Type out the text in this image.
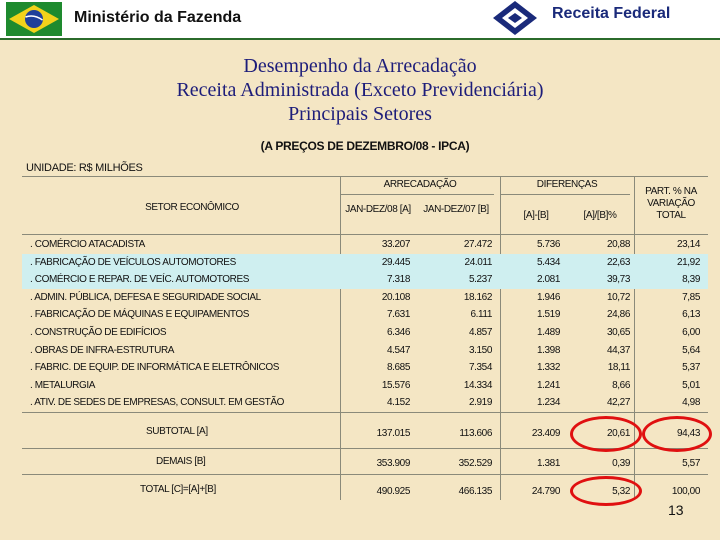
Ministério da Fazenda	Receita Federal
Desempenho da Arrecadação
Receita Administrada (Exceto Previdenciária)
Principais Setores
(A PREÇOS DE DEZEMBRO/08 - IPCA)
UNIDADE: R$ MILHÕES
ARRECADAÇÃO	DIFERENÇAS
PART. % NA VARIAÇÃO TOTAL
SETOR ECONÔMICO	JAN-DEZ/08 [A] JAN-DEZ/07 [B]
[A]-[B]	[A]/[B]%
. COMÉRCIO ATACADISTA	33.207	27.472	5.736	20,88	23,14
. FABRICAÇÃO DE VEÍCULOS AUTOMOTORES	29.445	24.011	5.434	22,63	21,92
. COMÉRCIO E REPAR. DE VEÍC. AUTOMOTORES	7.318	5.237	2.081	39,73	8,39
. ADMIN. PÚBLICA, DEFESA E SEGURIDADE SOCIAL	20.108	18.162	1.946	10,72	7,85
. FABRICAÇÃO DE MÁQUINAS E EQUIPAMENTOS	7.631	6.111	1.519	24,86	6,13
. CONSTRUÇÃO DE EDIFÍCIOS	6.346	4.857	1.489	30,65	6,00
. OBRAS DE INFRA-ESTRUTURA	4.547	3.150	1.398	44,37	5,64
. FABRIC. DE EQUIP. DE INFORMÁTICA E ELETRÔNICOS	8.685	7.354	1.332	18,11	5,37
. METALURGIA	15.576	14.334	1.241	8,66	5,01
. ATIV. DE SEDES DE EMPRESAS, CONSULT. EM GESTÃO	4.152	2.919	1.234	42,27	4,98
SUBTOTAL [A]	137.015	113.606	23.409	20,61	94,43
DEMAIS [B]	353.909	352.529	1.381	0,39	5,57
TOTAL [C]=[A]+[B]	490.925	466.135	24.790	5,32	100,00
13
